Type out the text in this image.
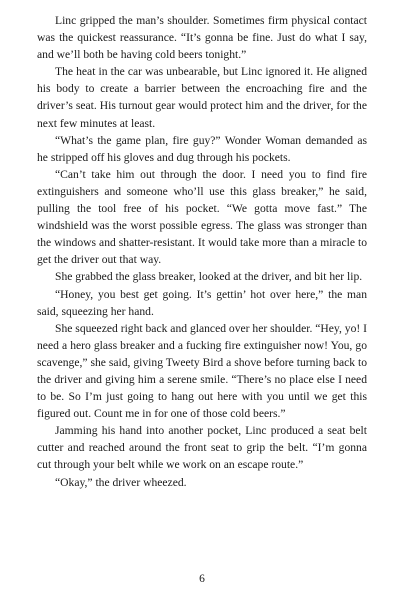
Linc gripped the man’s shoulder. Sometimes firm physical contact was the quickest reassurance. “It’s gonna be fine. Just do what I say, and we’ll both be having cold beers tonight.”

The heat in the car was unbearable, but Linc ignored it. He aligned his body to create a barrier between the encroaching fire and the driver’s seat. His turnout gear would protect him and the driver, for the next few minutes at least.

“What’s the game plan, fire guy?” Wonder Woman demanded as he stripped off his gloves and dug through his pockets.

“Can’t take him out through the door. I need you to find fire extinguishers and someone who’ll use this glass breaker,” he said, pulling the tool free of his pocket. “We gotta move fast.” The windshield was the worst possible egress. The glass was stronger than the windows and shatter-resistant. It would take more than a miracle to get the driver out that way.

She grabbed the glass breaker, looked at the driver, and bit her lip.

“Honey, you best get going. It’s gettin’ hot over here,” the man said, squeezing her hand.

She squeezed right back and glanced over her shoulder. “Hey, yo! I need a hero glass breaker and a fucking fire extinguisher now! You, go scavenge,” she said, giving Tweety Bird a shove before turning back to the driver and giving him a serene smile. “There’s no place else I need to be. So I’m just going to hang out here with you until we get this figured out. Count me in for one of those cold beers.”

Jamming his hand into another pocket, Linc produced a seat belt cutter and reached around the front seat to grip the belt. “I’m gonna cut through your belt while we work on an escape route.”

“Okay,” the driver wheezed.

6
